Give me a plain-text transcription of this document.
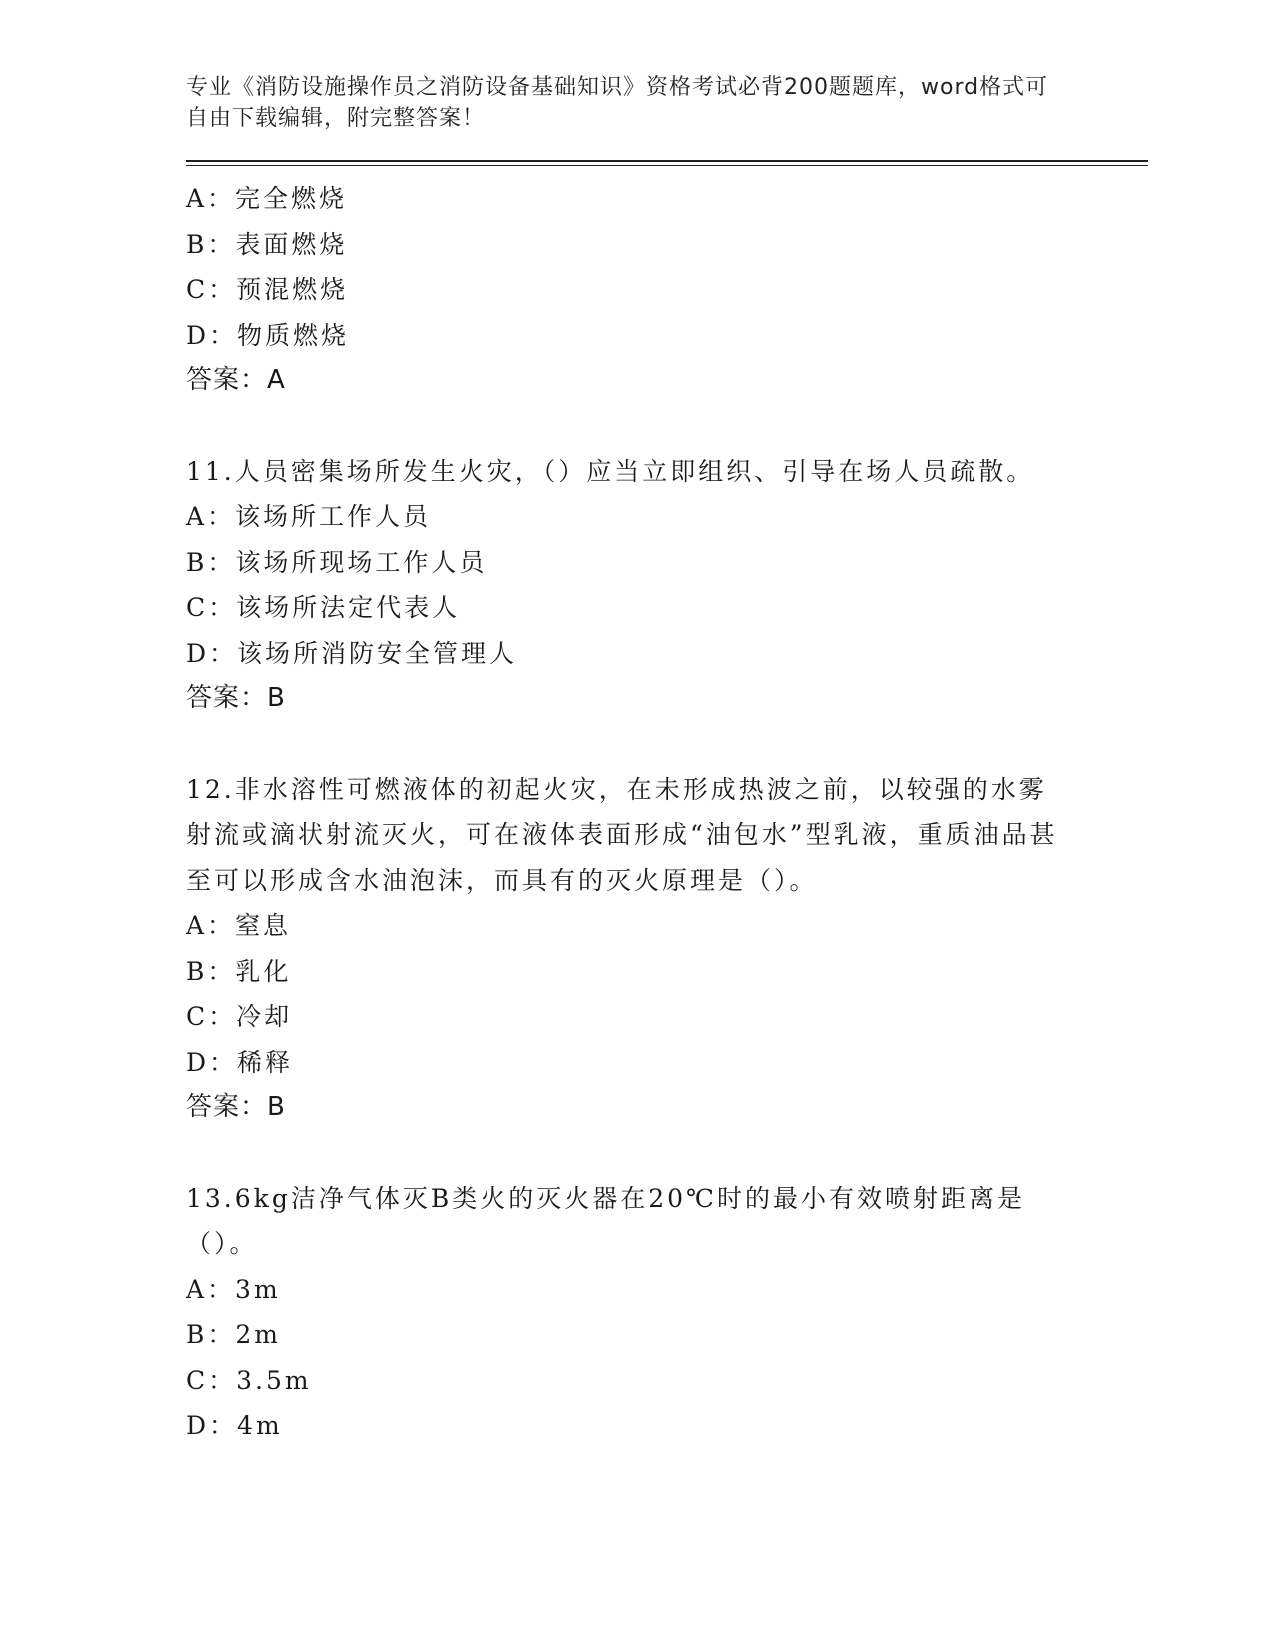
专业《消防设施操作员之消防设备基础知识》资格考试必背200题题库，word格式可自由下载编辑，附完整答案！
A：完全燃烧
B：表面燃烧
C：预混燃烧
D：物质燃烧
答案：A
11.人员密集场所发生火灾，（）应当立即组织、引导在场人员疏散。
A：该场所工作人员
B：该场所现场工作人员
C：该场所法定代表人
D：该场所消防安全管理人
答案：B
12.非水溶性可燃液体的初起火灾，在未形成热波之前，以较强的水雾射流或滴状射流灭火，可在液体表面形成“油包水”型乳液，重质油品甚至可以形成含水油泡沫，而具有的灭火原理是（）。
A：窒息
B：乳化
C：冷却
D：稀释
答案：B
13.6kg洁净气体灭B类火的灭火器在20℃时的最小有效喷射距离是（）。
A：3m
B：2m
C：3.5m
D：4m
